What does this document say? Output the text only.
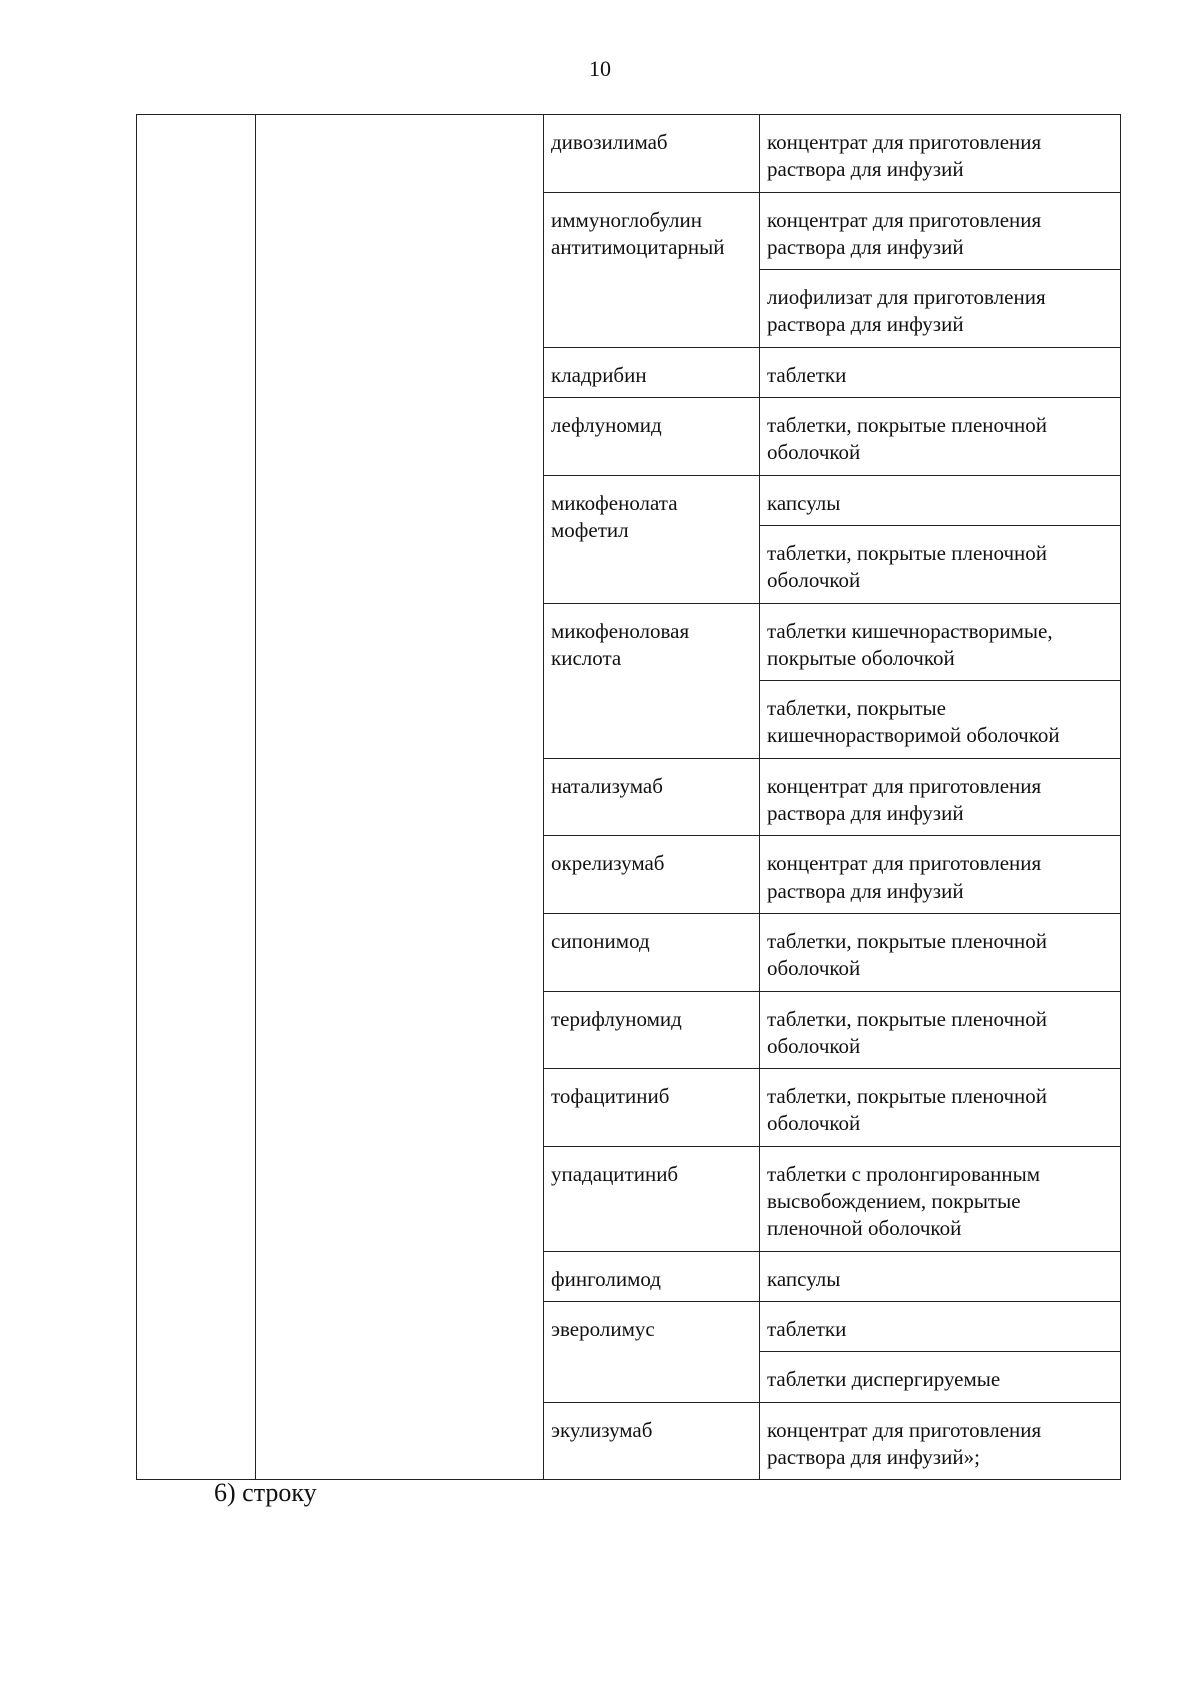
10
		дивозилимаб	концентрат для приготовления раствора для инфузий
		иммуноглобулин антитимоцитарный	концентрат для приготовления раствора для инфузий
			лиофилизат для приготовления раствора для инфузий
		кладрибин	таблетки
		лефлуномид	таблетки, покрытые пленочной оболочкой
		микофенолата мофетил	капсулы
			таблетки, покрытые пленочной оболочкой
		микофеноловая кислота	таблетки кишечнорастворимые, покрытые оболочкой
			таблетки, покрытые кишечнорастворимой оболочкой
		натализумаб	концентрат для приготовления раствора для инфузий
		окрелизумаб	концентрат для приготовления раствора для инфузий
		сипонимод	таблетки, покрытые пленочной оболочкой
		терифлуномид	таблетки, покрытые пленочной оболочкой
		тофацитиниб	таблетки, покрытые пленочной оболочкой
		упадацитиниб	таблетки с пролонгированным высвобождением, покрытые пленочной оболочкой
		финголимод	капсулы
		эверолимус	таблетки
			таблетки диспергируемые
		экулизумаб	концентрат для приготовления раствора для инфузий»;
6) строку
